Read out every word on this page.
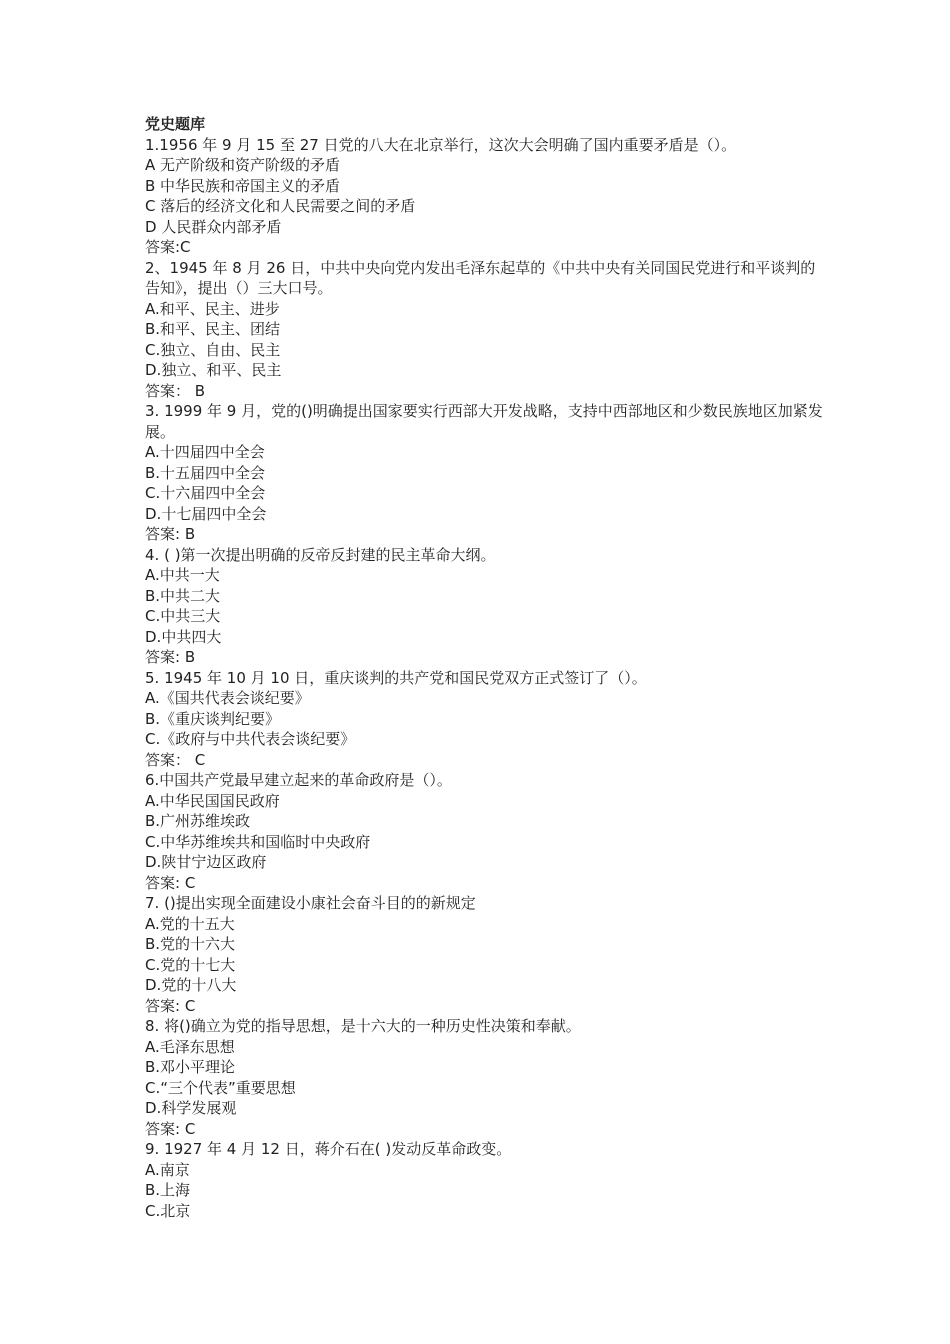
党史题库

1.1956 年 9 月 15 至 27 日党的八大在北京举行，这次大会明确了国内重要矛盾是（）。

A 无产阶级和资产阶级的矛盾

B 中华民族和帝国主义的矛盾

C 落后的经济文化和人民需要之间的矛盾

D 人民群众内部矛盾

答案:C

2、1945 年 8 月 26 日，中共中央向党内发出毛泽东起草的《中共中央有关同国民党进行和平谈判的告知》，提出（）三大口号。

A.和平、民主、进步

B.和平、民主、团结

C.独立、自由、民主

D.独立、和平、民主

答案： B

3. 1999 年 9 月，党的()明确提出国家要实行西部大开发战略，支持中西部地区和少数民族地区加紧发展。

A.十四届四中全会

B.十五届四中全会

C.十六届四中全会

D.十七届四中全会

答案: B

4. ( )第一次提出明确的反帝反封建的民主革命大纲。

A.中共一大

B.中共二大

C.中共三大

D.中共四大

答案: B

5. 1945 年 10 月 10 日，重庆谈判的共产党和国民党双方正式签订了（）。

A.《国共代表会谈纪要》

B.《重庆谈判纪要》

C.《政府与中共代表会谈纪要》

答案： C

6.中国共产党最早建立起来的革命政府是（）。

A.中华民国国民政府

B.广州苏维埃政

C.中华苏维埃共和国临时中央政府

D.陕甘宁边区政府

答案: C

7. ()提出实现全面建设小康社会奋斗目的的新规定

A.党的十五大

B.党的十六大

C.党的十七大

D.党的十八大

答案: C

8. 将()确立为党的指导思想，是十六大的一种历史性决策和奉献。

A.毛泽东思想

B.邓小平理论

C.“三个代表”重要思想

D.科学发展观

答案: C

9. 1927 年 4 月 12 日，蒋介石在( )发动反革命政变。

A.南京

B.上海

C.北京
